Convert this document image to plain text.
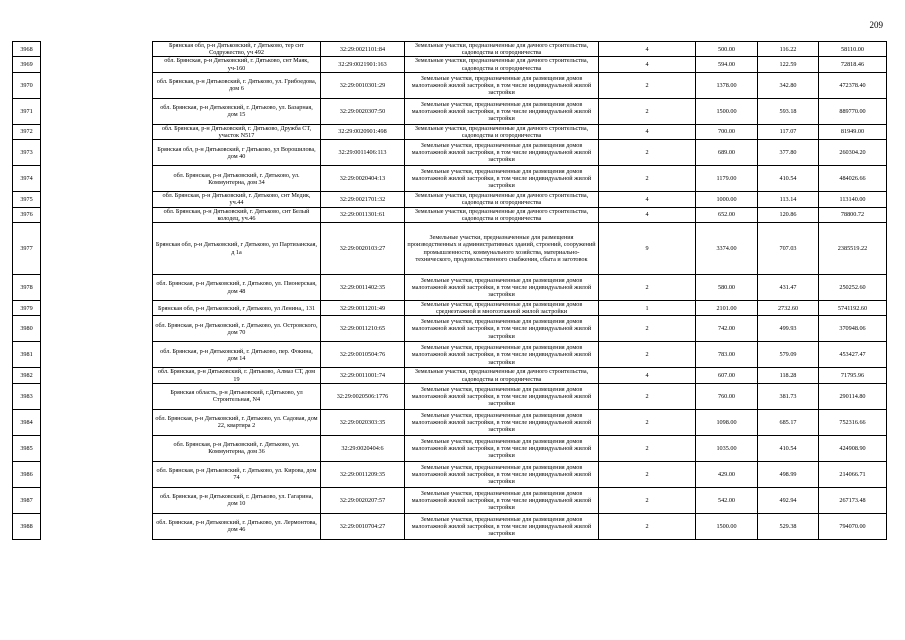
209
3968		Брянская обл, р-н Дятьковский, г Дятьково, тер снт Содружество, уч 492	32:29:0021101:84	Земельные участки, предназначенные для дачного строительства, садоводства и огородничества	4	500.00	116.22	58110.00
3969		обл. Брянская, р-н Дятьковский, г. Дятьково, снт Маяк, уч-160	32:29:0021901:163	Земельные участки, предназначенные для дачного строительства, садоводства и огородничества	4	594.00	122.59	72818.46
3970		обл. Брянская, р-н Дятьковский, г. Дятьково, ул. Грибоедова, дом 6	32:29:0010301:29	Земельные участки, предназначенные для размещения домов малоэтажной жилой застройки, в том числе индивидуальной жилой застройки	2	1378.00	342.80	472378.40
3971		обл. Брянская, р-н Дятьковский, г. Дятьково, ул. Базарная, дом 15	32:29:0020307:50	Земельные участки, предназначенные для размещения домов малоэтажной жилой застройки, в том числе индивидуальной жилой застройки	2	1500.00	593.18	889770.00
3972		обл. Брянская, р-н Дятьковский, г. Дятьково, Дружба СТ, участок N517	32:29:0020901:498	Земельные участки, предназначенные для дачного строительства, садоводства и огородничества	4	700.00	117.07	81949.00
3973		Брянская обл, р-н Дятьковский, г Дятьково, ул Ворошилова, дом 40	32:29:0011406:113	Земельные участки, предназначенные для размещения домов малоэтажной жилой застройки, в том числе индивидуальной жилой застройки	2	689.00	377.80	260304.20
3974		обл. Брянская, р-н Дятьковский, г. Дятьково, ул. Коммунтерна, дом 34	32:29:0020404:13	Земельные участки, предназначенные для размещения домов малоэтажной жилой застройки, в том числе индивидуальной жилой застройки	2	1179.00	410.54	484026.66
3975		обл. Брянская, р-н Дятьковский, г. Дятьково, снт Медик, уч.44	32:29:0021701:32	Земельные участки, предназначенные для дачного строительства, садоводства и огородничества	4	1000.00	113.14	113140.00
3976		обл. Брянская, р-н Дятьковский, г. Дятьково, снт Белый колодец, уч.46	32:29:0011301:61	Земельные участки, предназначенные для дачного строительства, садоводства и огородничества	4	652.00	120.86	78800.72
3977		Брянская обл, р-н Дятьковский, г Дятьково, ул Партизанская, д 1а	32:29:0020103:27	Земельные участки, предназначенные для размещения производственных и административных зданий, строений, сооружений промышленности, коммунального хозяйства, материально-технического, продовольственного снабжения, сбыта и заготовок	9	3374.00	707.03	2385519.22
3978		обл. Брянская, р-н Дятьковский, г. Дятьково, ул. Пионерская, дом 48	32:29:0011402:35	Земельные участки, предназначенные для размещения домов малоэтажной жилой застройки, в том числе индивидуальной жилой застройки	2	580.00	431.47	250252.60
3979		Брянская обл, р-н Дятьковский, г Дятьково, ул Ленина,, 131	32:29:0011201:49	Земельные участки, предназначенные для размещения домов среднеэтажной и многоэтажной жилой застройки	1	2101.00	2732.60	5741192.60
3980		обл. Брянская, р-н Дятьковский, г. Дятьково, ул. Островского, дом 70	32:29:0011210:65	Земельные участки, предназначенные для размещения домов малоэтажной жилой застройки, в том числе индивидуальной жилой застройки	2	742.00	499.93	370948.06
3981		обл. Брянская, р-н Дятьковский, г. Дятьково, пер. Фокина, дом 14	32:29:0010504:76	Земельные участки, предназначенные для размещения домов малоэтажной жилой застройки, в том числе индивидуальной жилой застройки	2	783.00	579.09	453427.47
3982		обл. Брянская, р-н Дятьковский, г. Дятьково, Алмаз СТ, дом 19	32:29:0011001:74	Земельные участки, предназначенные для дачного строительства, садоводства и огородничества	4	607.00	118.28	71795.96
3983		Брянская область, р-н Дятьковский, г.Дятьково, ул Строительная, N4	32:29:0020506:1776	Земельные участки, предназначенные для размещения домов малоэтажной жилой застройки, в том числе индивидуальной жилой застройки	2	760.00	381.73	290114.80
3984		обл. Брянская, р-н Дятьковский, г. Дятьково, ул. Садовая, дом 22, квартира 2	32:29:0020303:35	Земельные участки, предназначенные для размещения домов малоэтажной жилой застройки, в том числе индивидуальной жилой застройки	2	1098.00	685.17	752316.66
3985		обл. Брянская, р-н Дятьковский, г. Дятьково, ул. Коммунтерна, дом 36	32:29:0020404:6	Земельные участки, предназначенные для размещения домов малоэтажной жилой застройки, в том числе индивидуальной жилой застройки	2	1035.00	410.54	424908.90
3986		обл. Брянская, р-н Дятьковский, г. Дятьково, ул. Кирова, дом 74	32:29:0011209:35	Земельные участки, предназначенные для размещения домов малоэтажной жилой застройки, в том числе индивидуальной жилой застройки	2	429.00	498.99	214066.71
3987		обл. Брянская, р-н Дятьковский, г. Дятьково, ул. Гагарина, дом 10	32:29:0020207:57	Земельные участки, предназначенные для размещения домов малоэтажной жилой застройки, в том числе индивидуальной жилой застройки	2	542.00	492.94	267173.48
3988		обл. Брянская, р-н Дятьковский, г. Дятьково, ул. Лермонтова, дом 46	32:29:0010704:27	Земельные участки, предназначенные для размещения домов малоэтажной жилой застройки, в том числе индивидуальной жилой застройки	2	1500.00	529.38	794070.00
